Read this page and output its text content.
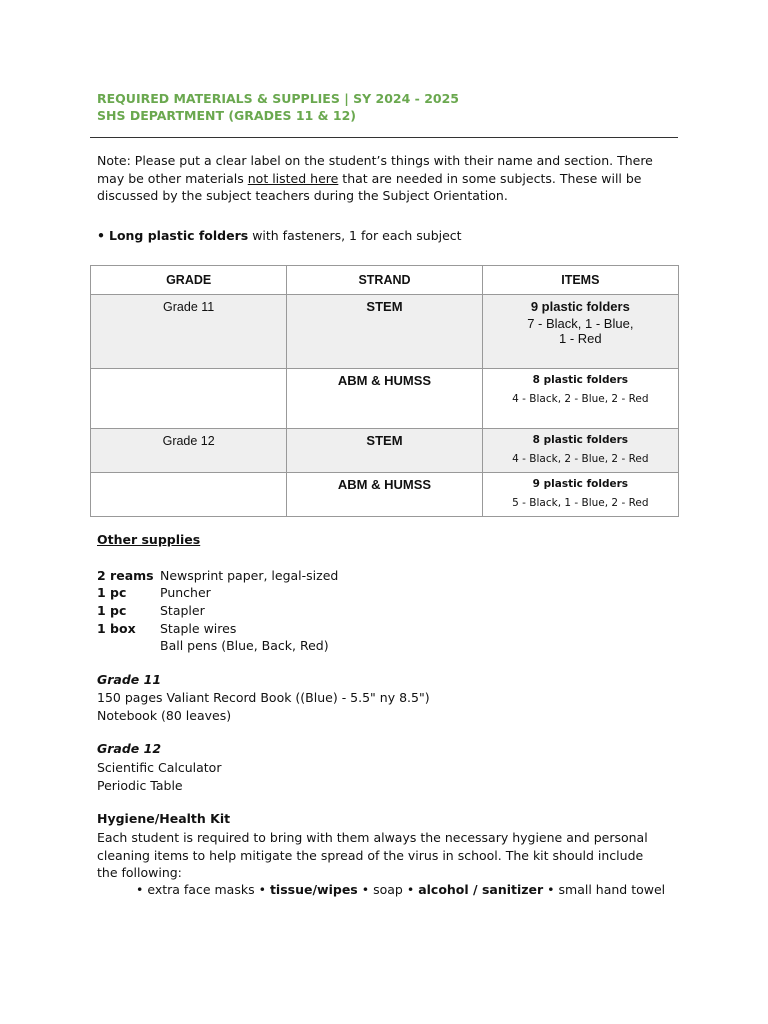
REQUIRED MATERIALS & SUPPLIES | SY 2024 - 2025
SHS DEPARTMENT (GRADES 11 & 12)
Note: Please put a clear label on the student’s things with their name and section. There may be other materials not listed here that are needed in some subjects. These will be discussed by the subject teachers during the Subject Orientation.
• Long plastic folders with fasteners, 1 for each subject
GRADE	STRAND	ITEMS
Grade 11	STEM	9 plastic folders
7 - Black, 1 - Blue,
1 - Red
	ABM & HUMSS	8 plastic folders
4 - Black, 2 - Blue, 2 - Red
Grade 12	STEM	8 plastic folders
4 - Black, 2 - Blue, 2 - Red
	ABM & HUMSS	9 plastic folders
5 - Black, 1 - Blue, 2 - Red
Other supplies
2 reams Newsprint paper, legal-sized
1 pc	Puncher
1 pc	Stapler
1 box Staple wires
Ball pens (Blue, Back, Red)
Grade 11
150 pages Valiant Record Book ((Blue) - 5.5" ny 8.5")
Notebook (80 leaves)
Grade 12
Scientific Calculator
Periodic Table
Hygiene/Health Kit
Each student is required to bring with them always the necessary hygiene and personal cleaning items to help mitigate the spread of the virus in school. The kit should include the following:
• extra face masks • tissue/wipes • soap • alcohol / sanitizer • small hand towel
